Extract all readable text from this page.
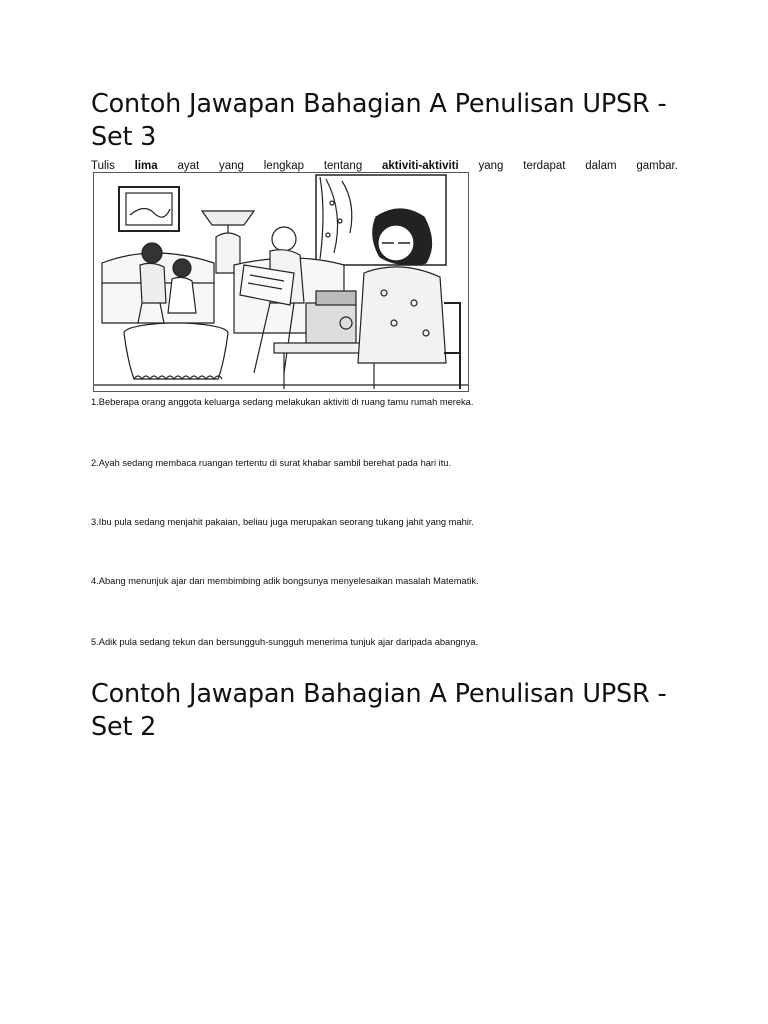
Contoh Jawapan Bahagian A Penulisan UPSR - Set 3
Tulis lima ayat yang lengkap tentang aktiviti-aktiviti yang terdapat dalam gambar.
1.Beberapa orang anggota keluarga sedang melakukan aktiviti di ruang tamu rumah mereka.
2.Ayah sedang membaca ruangan tertentu di surat khabar sambil berehat pada hari itu.
3.Ibu pula sedang menjahit pakaian, beliau juga merupakan seorang tukang jahit yang mahir.
4.Abang menunjuk ajar dan membimbing adik bongsunya menyelesaikan masalah Matematik.
5.Adik pula sedang tekun dan bersungguh-sungguh menerima tunjuk ajar daripada abangnya.
Contoh Jawapan Bahagian A Penulisan UPSR - Set 2
